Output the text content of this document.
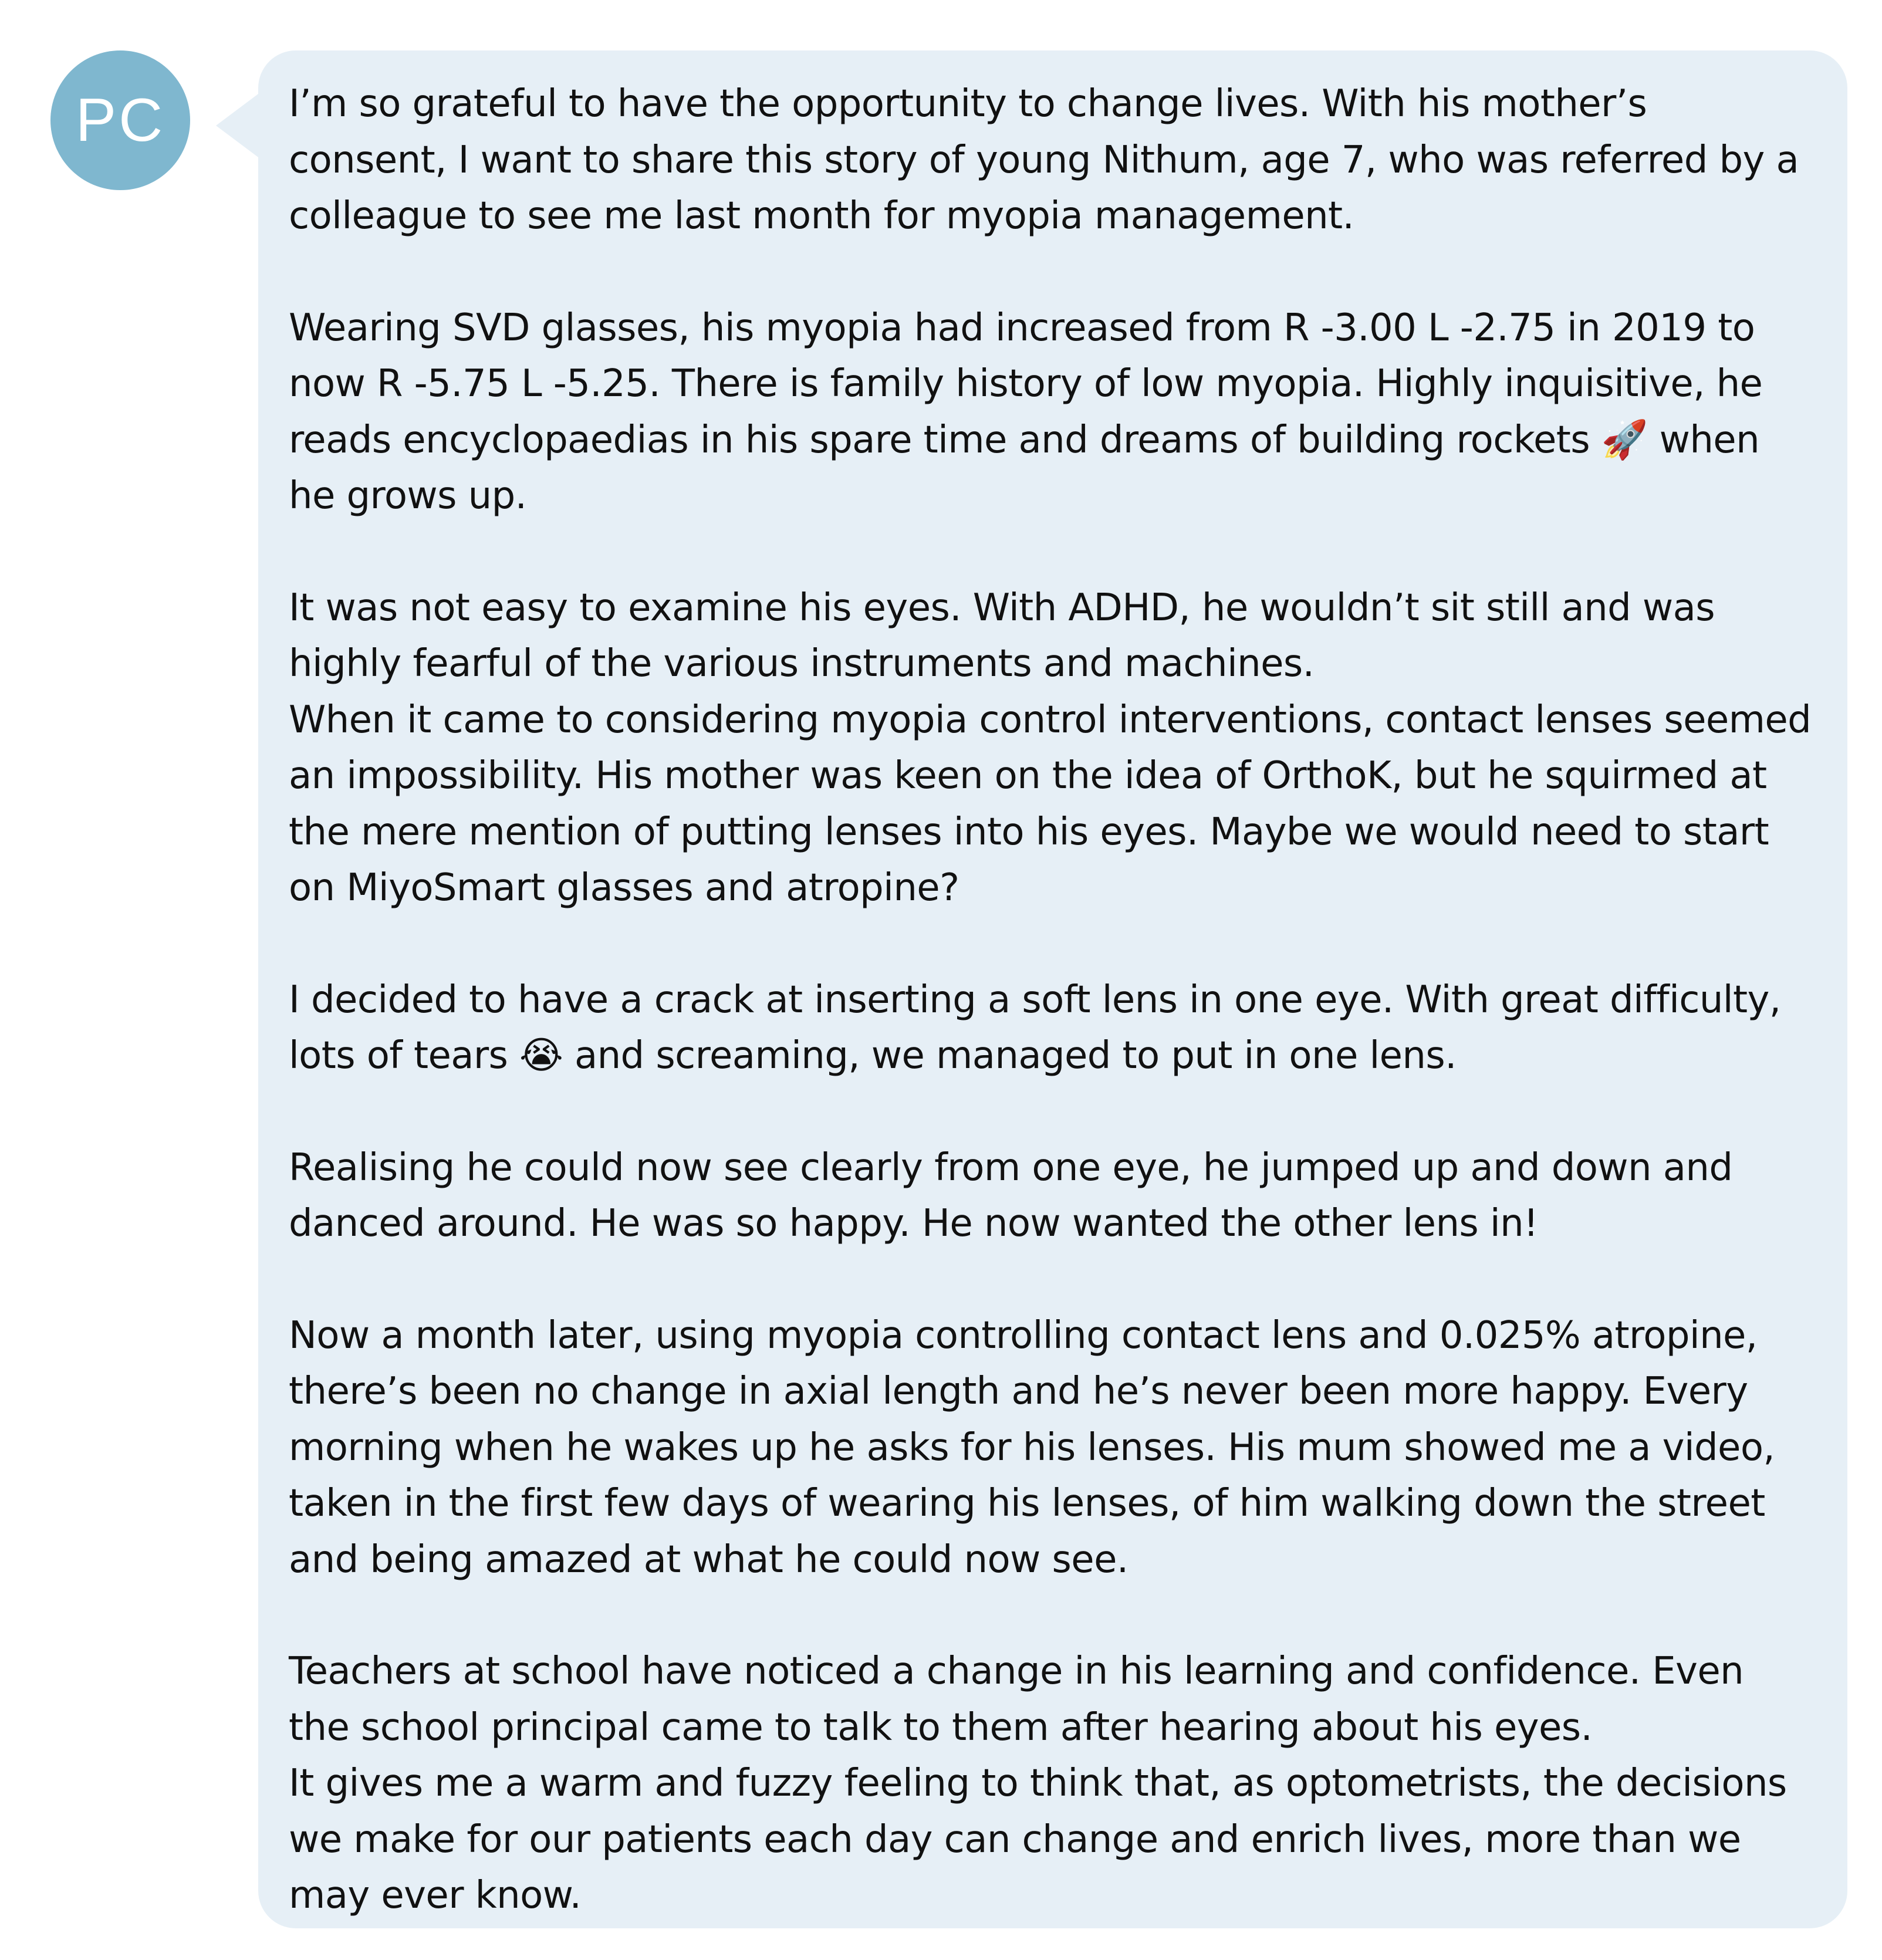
PC	I’m so grateful to have the opportunity to change lives. With his mother’s consent, I want to share this story of young Nithum, age 7, who was referred by a colleague to see me last month for myopia management.

Wearing SVD glasses, his myopia had increased from R -3.00 L -2.75 in 2019 to now R -5.75 L -5.25. There is family history of low myopia. Highly inquisitive, he reads encyclopaedias in his spare time and dreams of building rockets 🚀 when he grows up.

It was not easy to examine his eyes. With ADHD, he wouldn’t sit still and was highly fearful of the various instruments and machines.
When it came to considering myopia control interventions, contact lenses seemed an impossibility. His mother was keen on the idea of OrthoK, but he squirmed at the mere mention of putting lenses into his eyes. Maybe we would need to start on MiyoSmart glasses and atropine?

I decided to have a crack at inserting a soft lens in one eye. With great difficulty, lots of tears 😭 and screaming, we managed to put in one lens.

Realising he could now see clearly from one eye, he jumped up and down and danced around. He was so happy. He now wanted the other lens in!

Now a month later, using myopia controlling contact lens and 0.025% atropine, there’s been no change in axial length and he’s never been more happy. Every morning when he wakes up he asks for his lenses. His mum showed me a video, taken in the first few days of wearing his lenses, of him walking down the street and being amazed at what he could now see.

Teachers at school have noticed a change in his learning and confidence. Even the school principal came to talk to them after hearing about his eyes.
It gives me a warm and fuzzy feeling to think that, as optometrists, the decisions we make for our patients each day can change and enrich lives, more than we may ever know.
